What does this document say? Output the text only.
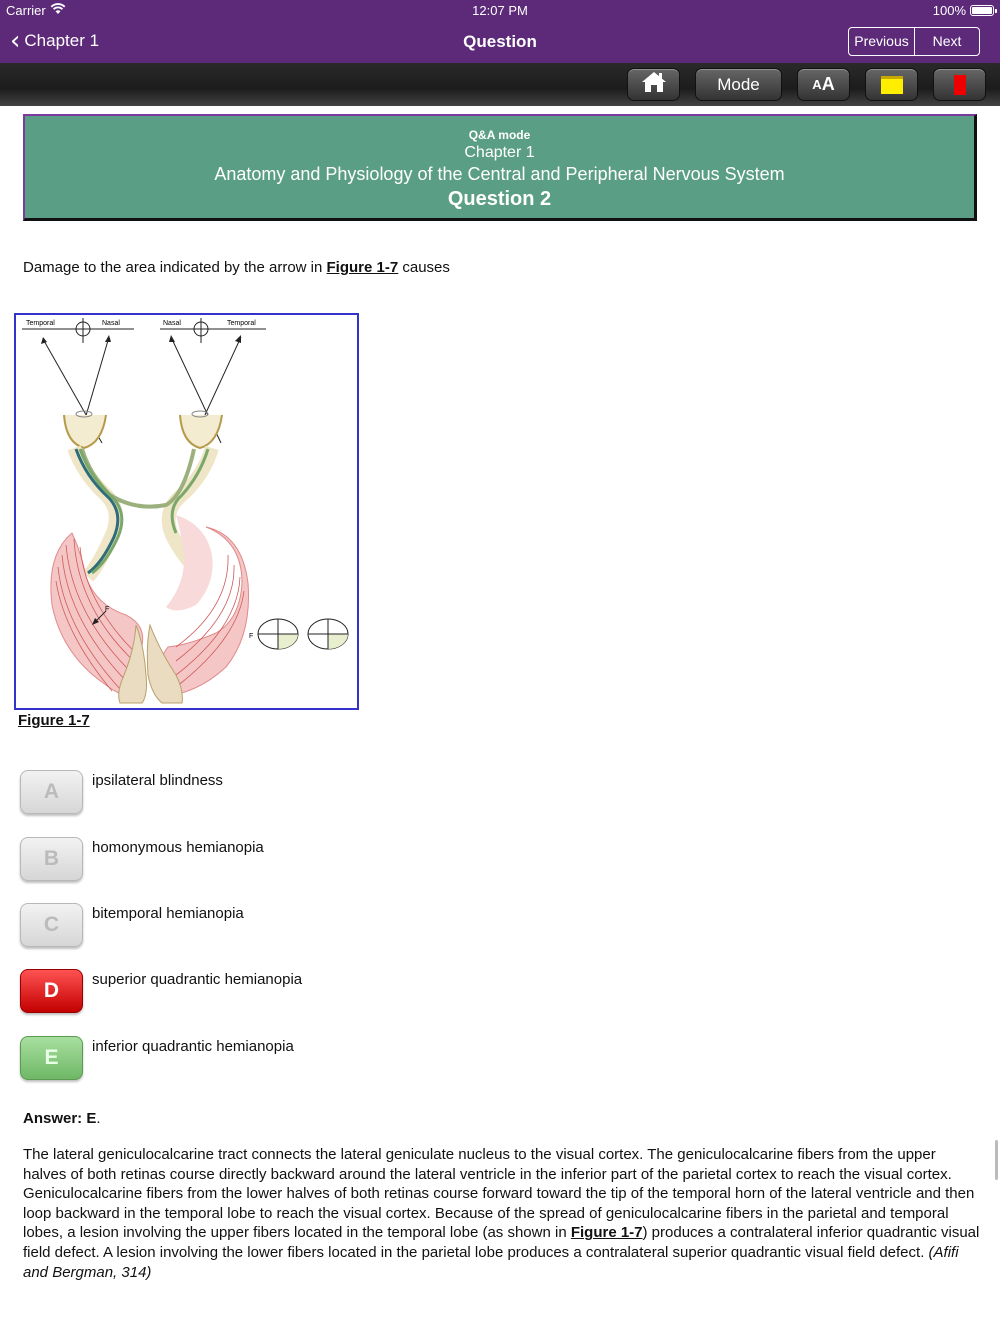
Carrier	12:07 PM	100%
‹ Chapter 1	Question	Previous	Next
Mode	A A
Q&A mode
Chapter 1
Anatomy and Physiology of the Central and Peripheral Nervous System
Question 2
Damage to the area indicated by the arrow in Figure 1-7 causes
Temporal	Nasal	Nasal	Temporal
F
F
Figure 1-7
A	ipsilateral blindness
B	homonymous hemianopia
C	bitemporal hemianopia
D	superior quadrantic hemianopia
E	inferior quadrantic hemianopia
Answer: E.
The lateral geniculocalcarine tract connects the lateral geniculate nucleus to the visual cortex. The geniculocalcarine fibers from the upper halves of both retinas course directly backward around the lateral ventricle in the inferior part of the parietal cortex to reach the visual cortex. Geniculocalcarine fibers from the lower halves of both retinas course forward toward the tip of the temporal horn of the lateral ventricle and then loop backward in the temporal lobe to reach the visual cortex. Because of the spread of geniculocalcarine fibers in the parietal and temporal lobes, a lesion involving the upper fibers located in the temporal lobe (as shown in Figure 1-7) produces a contralateral inferior quadrantic visual field defect. A lesion involving the lower fibers located in the parietal lobe produces a contralateral superior quadrantic visual field defect. (Afifi and Bergman, 314)
